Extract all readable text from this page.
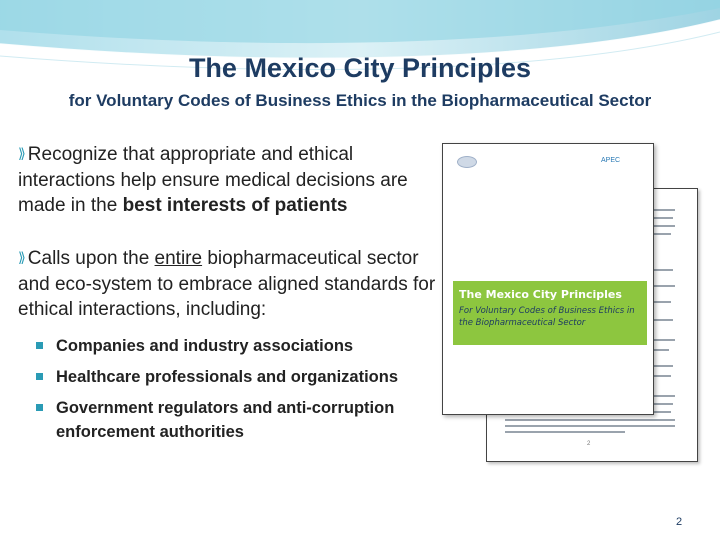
The Mexico City Principles
for Voluntary Codes of Business Ethics in the Biopharmaceutical Sector
⟫ Recognize that appropriate and ethical interactions help ensure medical decisions are made in the best interests of patients
⟫ Calls upon the entire biopharmaceutical sector and eco-system to embrace aligned standards for ethical interactions, including:
Companies and industry associations
Healthcare professionals and organizations
Government regulators and anti-corruption enforcement authorities
2
APEC
The Mexico City Principles
For Voluntary Codes of Business Ethics in the Biopharmaceutical Sector
2
